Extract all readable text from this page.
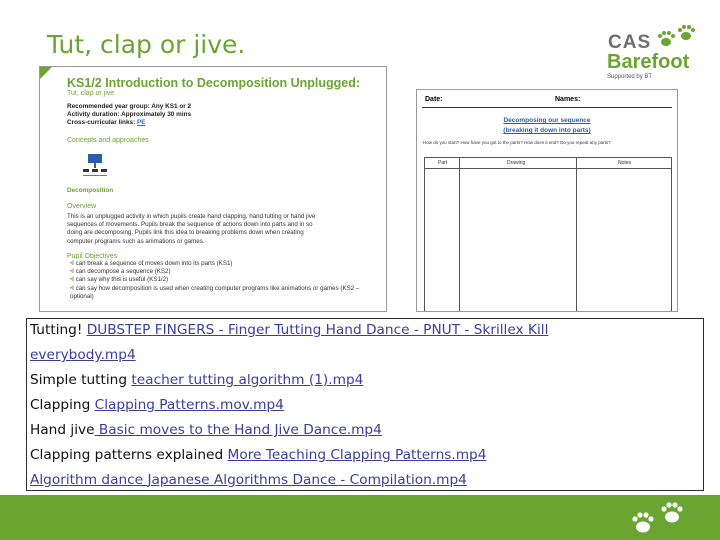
Tut, clap or jive.	CAS
Barefoot
Supported by BT
KS1/2 Introduction to Decomposition Unplugged:
Tut, clap or jive
Recommended year group: Any KS1 or 2
Activity duration: Approximately 30 mins
Cross-curricular links: PE
Concepts and approaches
Decomposition
Overview
This is an unplugged activity in which pupils create hand clapping, hand tutting or hand jive sequences of movements. Pupils break the sequence of actions down into parts and in so doing are decomposing. Pupils link this idea to breaking problems down when creating computer programs such as animations or games.
Pupil Objectives
• I can break a sequence of moves down into its parts (KS1)
• I can decompose a sequence (KS2)
• I can say why this is useful (KS1/2)
• I can say how decomposition is used when creating computer programs like animations or games (KS2 – optional)
Date:	Names:
Decomposing our sequence
(breaking it down into parts)
How do you start? How have you got to the parts? How does it end? Do you repeat any parts?
Part	Drawing	Notes
Tutting! DUBSTEP FINGERS - Finger Tutting Hand Dance - PNUT - Skrillex Kill
everybody.mp4
Simple tutting teacher tutting algorithm (1).mp4
Clapping Clapping Patterns.mov.mp4
Hand jive Basic moves to the Hand Jive Dance.mp4
Clapping patterns explained More Teaching Clapping Patterns.mp4
Algorithm dance Japanese Algorithms Dance - Compilation.mp4
